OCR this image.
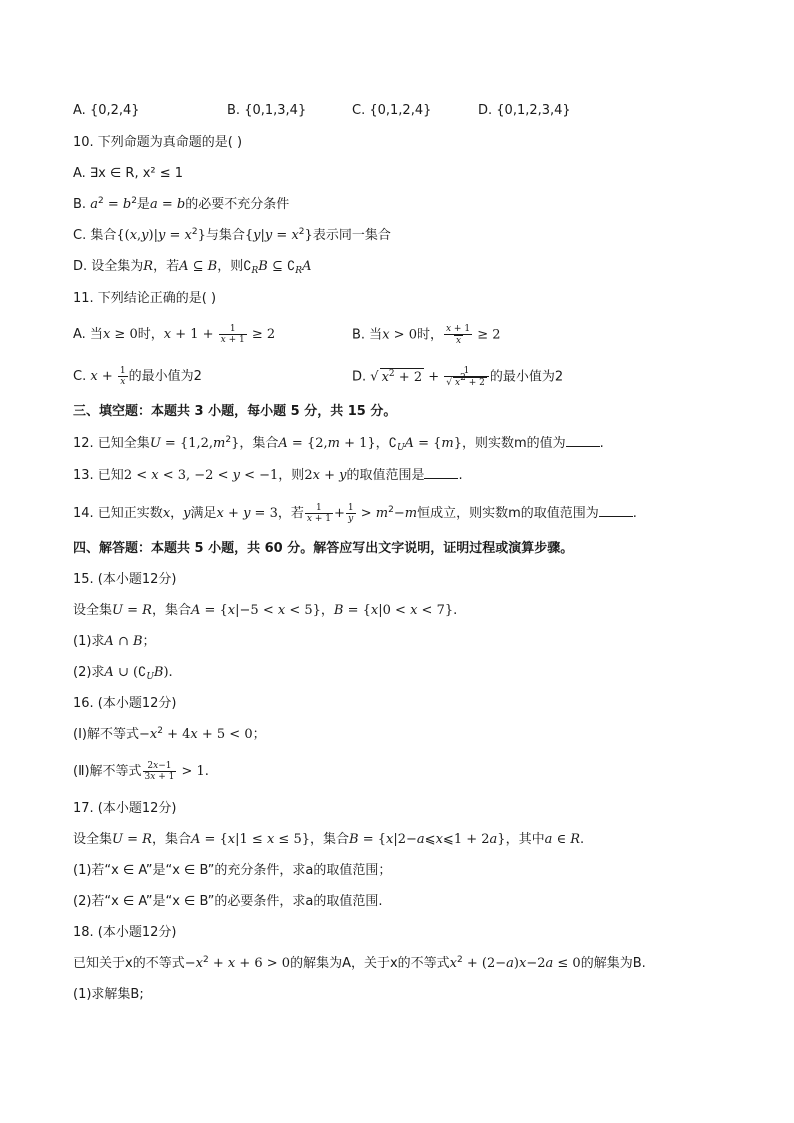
A. {0,2,4}	B. {0,1,3,4}	C. {0,1,2,4}	D. {0,1,2,3,4}
10. 下列命题为真命题的是( )
A. ∃x ∈ R, x² ≤ 1
B. $a^2 = b^2$是a = b的必要不充分条件
C. 集合$\{(x,y)|y = x^2\}$与集合$\{y|y = x^2\}$表示同一集合
D. 设全集为R，若A ⊆ B，则$∁_RB$ ⊆ $∁_RA$
11. 下列结论正确的是( )
A. 当x ≥ 0时，$x + 1 + \frac{1}{x + 1} \ge 2$	B. 当x > 0时， $\frac{x + 1}{x} \ge 2$
C. $x + \frac{1}{x}$ 的最小值为2	D. √ $x^2 + 2 + \frac{1}{√ x^2 + 2}$ 的最小值为2
三、填空题：本题共 3 小题，每小题 5 分，共 15 分。
12. 已知全集$U = \{1,2,m^2\}$，集合A = {2,m + 1}，$∁_UA = \{m\}$，则实数m的值为	.
13. 已知2 < x < 3, −2 < y < −1，则2x + y的取值范围是	.
14. 已知正实数x，y满足x + y = 3，若 $\frac{1}{x + 1} + \frac{1}{y} > m^2-m$恒成立，则实数m的取值范围为	.
四、解答题：本题共 5 小题，共 60 分。解答应写出文字说明，证明过程或演算步骤。
15. (本小题12分)
设全集U = R，集合A = {x|−5 < x < 5}，B = {x|0 < x < 7}.
(1)求A ∩ B；
(2)求A ∪ $(∁_UB)$.
16. (本小题12分)
(Ⅰ)解不等式$-x^2 + 4x + 5 < 0$；
(Ⅱ)解不等式 $\frac{2x-1}{3x + 1} > 1$.
17. (本小题12分)
设全集U = R，集合A = {x|1 ≤ x ≤ 5}，集合B = {x|2−a⩽x⩽1 + 2a}，其中a ∈ R.
(1)若“x ∈ A”是“x ∈ B”的充分条件，求a的取值范围；
(2)若“x ∈ A”是“x ∈ B”的必要条件，求a的取值范围.
18. (本小题12分)
已知关于x的不等式$-x^2 + x + 6 > 0$的解集为A，关于x的不等式$x^2 + (2-a)x-2a \le 0$的解集为B.
(1)求解集B;
